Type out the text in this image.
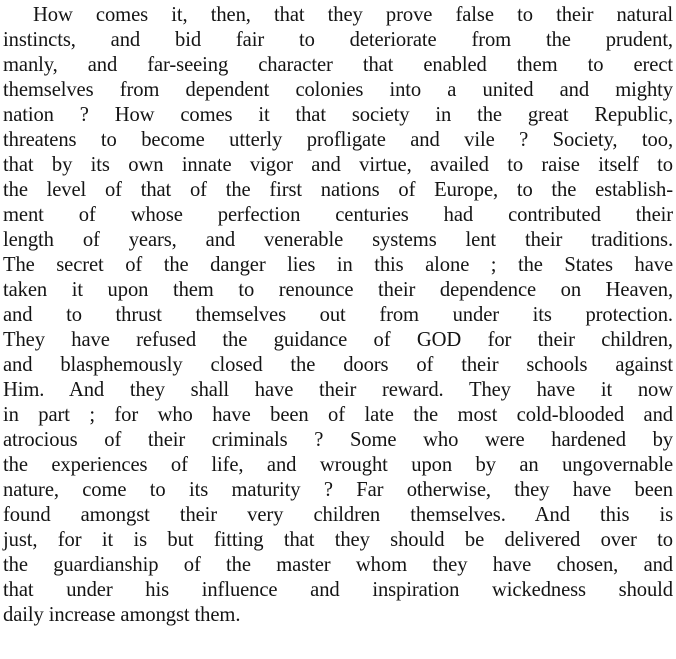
How comes it, then, that they prove false to their natural
instincts, and bid fair to deteriorate from the prudent,
manly, and far-seeing character that enabled them to erect
themselves from dependent colonies into a united and mighty
nation ? How comes it that society in the great Republic,
threatens to become utterly profligate and vile ? Society, too,
that by its own innate vigor and virtue, availed to raise itself to
the level of that of the first nations of Europe, to the establish-
ment of whose perfection centuries had contributed their
length of years, and venerable systems lent their traditions.
The secret of the danger lies in this alone ; the States have
taken it upon them to renounce their dependence on Heaven,
and to thrust themselves out from under its protection.
They have refused the guidance of GOD for their children,
and blasphemously closed the doors of their schools against
Him. And they shall have their reward. They have it now
in part ; for who have been of late the most cold-blooded and
atrocious of their criminals ? Some who were hardened by
the experiences of life, and wrought upon by an ungovernable
nature, come to its maturity ? Far otherwise, they have been
found amongst their very children themselves. And this is
just, for it is but fitting that they should be delivered over to
the guardianship of the master whom they have chosen, and
that under his influence and inspiration wickedness should
daily increase amongst them.
